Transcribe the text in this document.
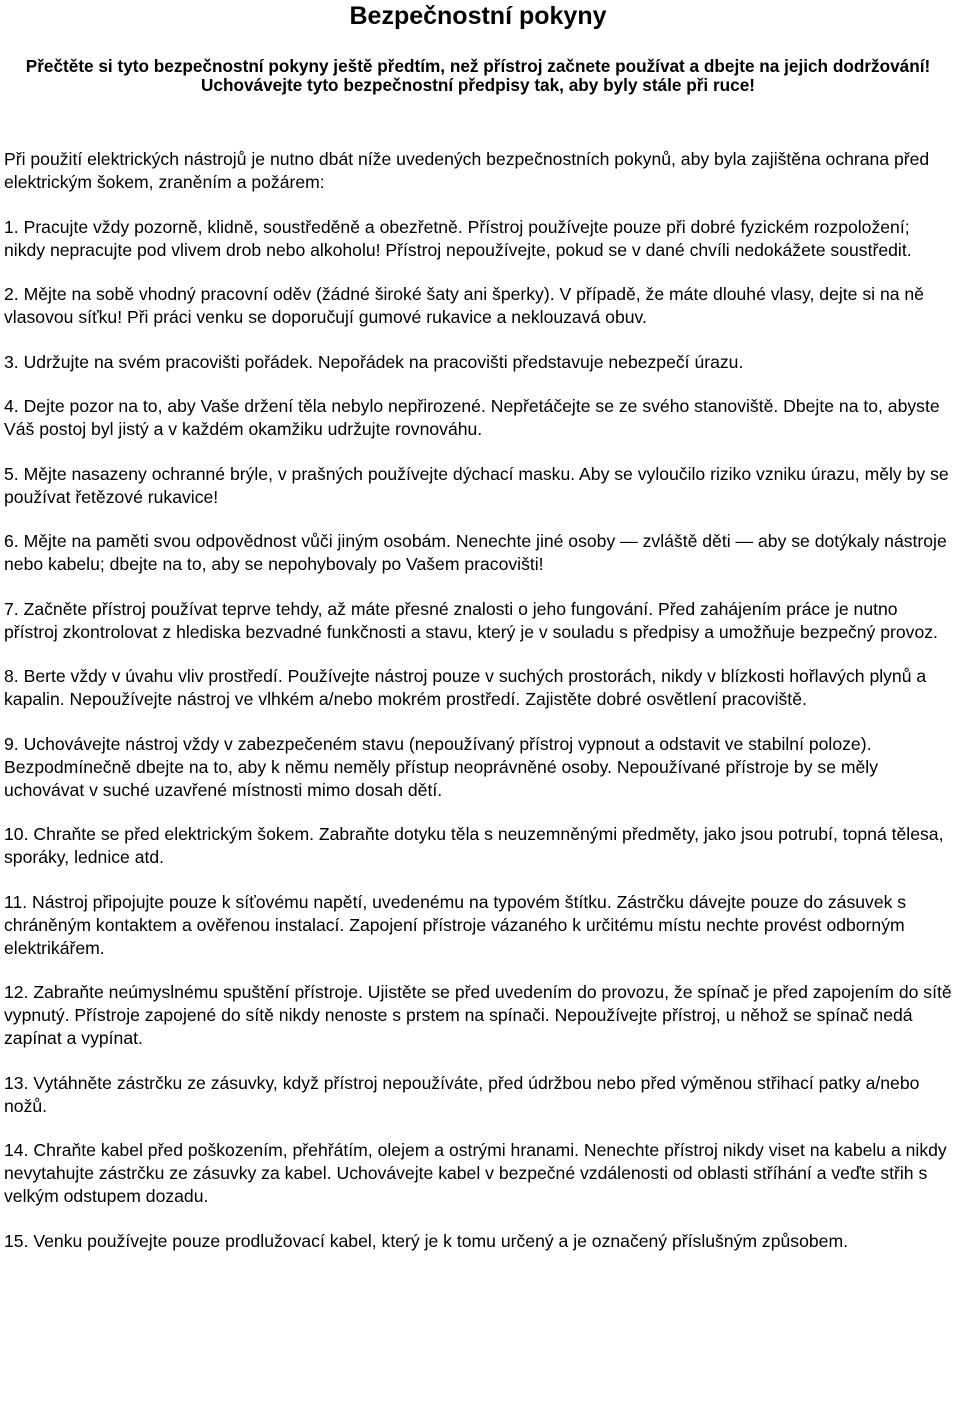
Bezpečnostní pokyny

Přečtěte si tyto bezpečnostní pokyny ještě předtím, než přístroj začnete používat a dbejte na jejich dodržování!

Uchovávejte tyto bezpečnostní předpisy tak, aby byly stále při ruce!

Při použití elektrických nástrojů je nutno dbát níže uvedených bezpečnostních pokynů, aby byla zajištěna ochrana před elektrickým šokem, zraněním a požárem:

1. Pracujte vždy pozorně, klidně, soustředěně a obezřetně. Přístroj používejte pouze při dobré fyzickém rozpoložení; nikdy nepracujte pod vlivem drob nebo alkoholu! Přístroj nepoužívejte, pokud se v dané chvíli nedokážete soustředit.

2. Mějte na sobě vhodný pracovní oděv (žádné široké šaty ani šperky). V případě, že máte dlouhé vlasy, dejte si na ně vlasovou síťku! Při práci venku se doporučují gumové rukavice a neklouzavá obuv.

3. Udržujte na svém pracovišti pořádek. Nepořádek na pracovišti představuje nebezpečí úrazu.

4. Dejte pozor na to, aby Vaše držení těla nebylo nepřirozené. Nepřetáčejte se ze svého stanoviště. Dbejte na to, abyste Váš postoj byl jistý a v každém okamžiku udržujte rovnováhu.

5. Mějte nasazeny ochranné brýle, v prašných používejte dýchací masku. Aby se vyloučilo riziko vzniku úrazu, měly by se používat řetězové rukavice!

6. Mějte na paměti svou odpovědnost vůči jiným osobám. Nenechte jiné osoby — zvláště děti — aby se dotýkaly nástroje nebo kabelu; dbejte na to, aby se nepohybovaly po Vašem pracovišti!

7. Začněte přístroj používat teprve tehdy, až máte přesné znalosti o jeho fungování. Před zahájením práce je nutno přístroj zkontrolovat z hlediska bezvadné funkčnosti a stavu, který je v souladu s předpisy a umožňuje bezpečný provoz.

8. Berte vždy v úvahu vliv prostředí. Používejte nástroj pouze v suchých prostorách, nikdy v blízkosti hořlavých plynů a kapalin. Nepoužívejte nástroj ve vlhkém a/nebo mokrém prostředí. Zajistěte dobré osvětlení pracoviště.

9. Uchovávejte nástroj vždy v zabezpečeném stavu (nepoužívaný přístroj vypnout a odstavit ve stabilní poloze). Bezpodmínečně dbejte na to, aby k němu neměly přístup neoprávněné osoby. Nepoužívané přístroje by se měly uchovávat v suché uzavřené místnosti mimo dosah dětí.

10. Chraňte se před elektrickým šokem. Zabraňte dotyku těla s neuzemněnými předměty, jako jsou potrubí, topná tělesa, sporáky, lednice atd.

11. Nástroj připojujte pouze k síťovému napětí, uvedenému na typovém štítku. Zástrčku dávejte pouze do zásuvek s chráněným kontaktem a ověřenou instalací. Zapojení přístroje vázaného k určitému místu nechte provést odborným elektrikářem.

12. Zabraňte neúmyslnému spuštění přístroje. Ujistěte se před uvedením do provozu, že spínač je před zapojením do sítě vypnutý. Přístroje zapojené do sítě nikdy nenoste s prstem na spínači. Nepoužívejte přístroj, u něhož se spínač nedá zapínat a vypínat.

13. Vytáhněte zástrčku ze zásuvky, když přístroj nepoužíváte, před údržbou nebo před výměnou střihací patky a/nebo nožů.

14. Chraňte kabel před poškozením, přehřátím, olejem a ostrými hranami. Nenechte přístroj nikdy viset na kabelu a nikdy nevytahujte zástrčku ze zásuvky za kabel. Uchovávejte kabel v bezpečné vzdálenosti od oblasti stříhání a veďte střih s velkým odstupem dozadu.

15. Venku používejte pouze prodlužovací kabel, který je k tomu určený a je označený příslušným způsobem.
